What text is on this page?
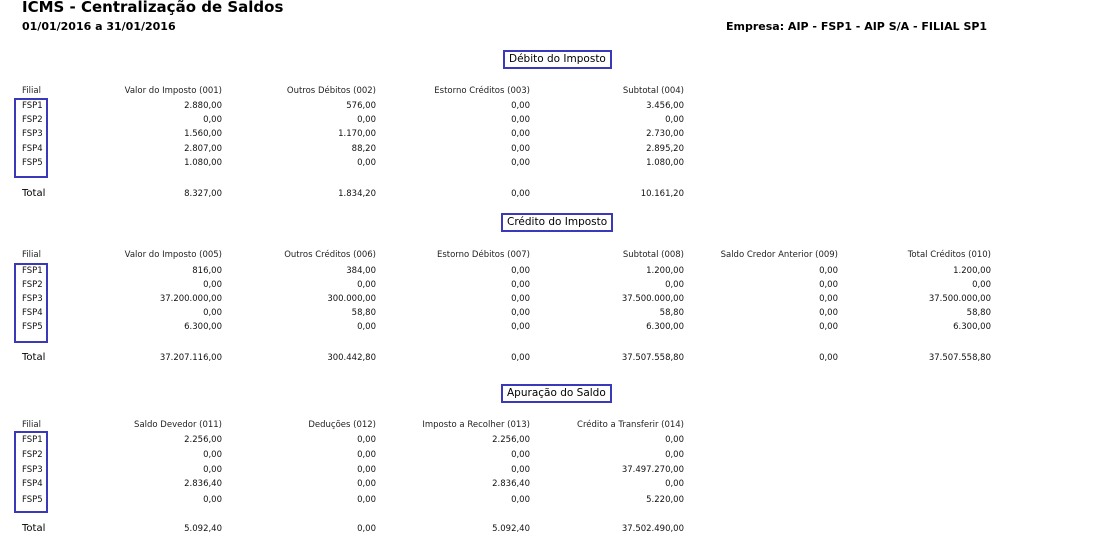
ICMS - Centralização de Saldos
01/01/2016 a 31/01/2016	Empresa: AIP - FSP1 - AIP S/A - FILIAL SP1
Débito do Imposto
Filial	Valor do Imposto (001)	Outros Débitos (002)	Estorno Créditos (003)	Subtotal (004)
FSP1	2.880,00	576,00	0,00	3.456,00
FSP2	0,00	0,00	0,00	0,00
FSP3	1.560,00	1.170,00	0,00	2.730,00
FSP4	2.807,00	88,20	0,00	2.895,20
FSP5	1.080,00	0,00	0,00	1.080,00
Total	8.327,00	1.834,20	0,00	10.161,20
Crédito do Imposto
Filial	Valor do Imposto (005)	Outros Créditos (006)	Estorno Débitos (007)	Subtotal (008)	Saldo Credor Anterior (009)	Total Créditos (010)
FSP1	816,00	384,00	0,00	1.200,00	0,00	1.200,00
FSP2	0,00	0,00	0,00	0,00	0,00	0,00
FSP3	37.200.000,00	300.000,00	0,00	37.500.000,00	0,00	37.500.000,00
FSP4	0,00	58,80	0,00	58,80	0,00	58,80
FSP5	6.300,00	0,00	0,00	6.300,00	0,00	6.300,00
Total	37.207.116,00	300.442,80	0,00	37.507.558,80	0,00	37.507.558,80
Apuração do Saldo
Filial	Saldo Devedor (011)	Deduções (012)	Imposto a Recolher (013)	Crédito a Transferir (014)
FSP1	2.256,00	0,00	2.256,00	0,00
FSP2	0,00	0,00	0,00	0,00
FSP3	0,00	0,00	0,00	37.497.270,00
FSP4	2.836,40	0,00	2.836,40	0,00
FSP5	0,00	0,00	0,00	5.220,00
Total	5.092,40	0,00	5.092,40	37.502.490,00
